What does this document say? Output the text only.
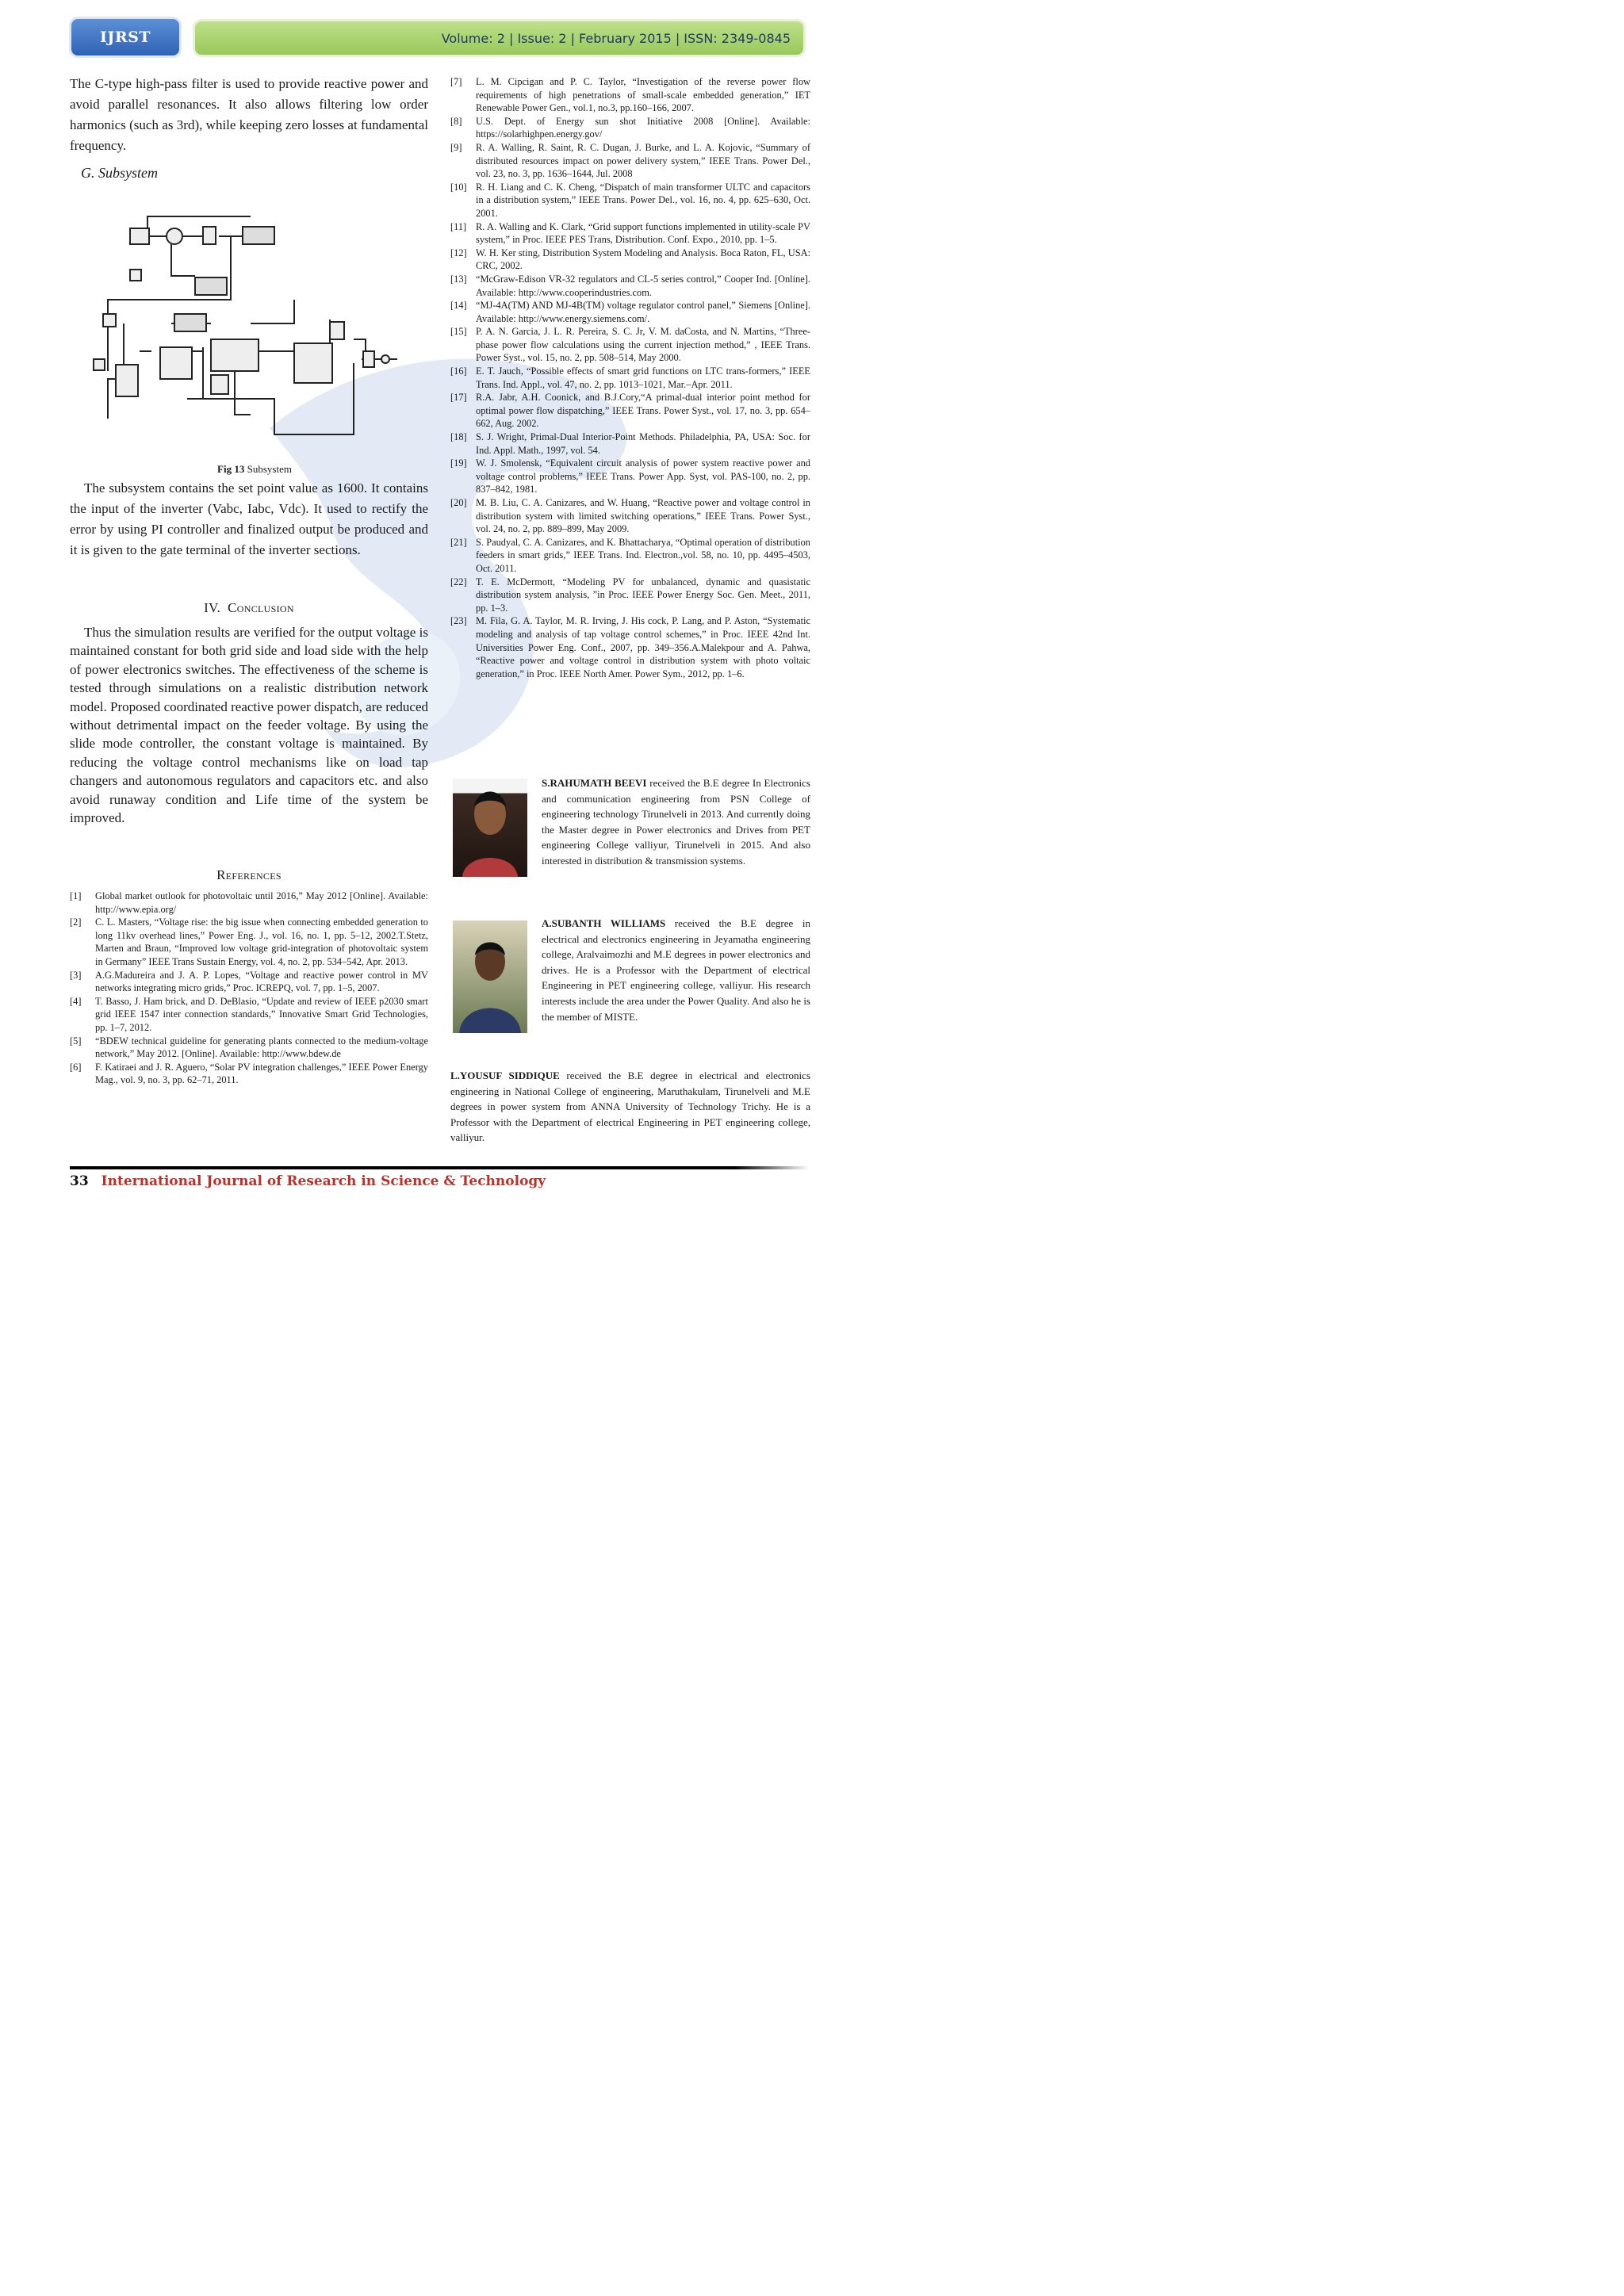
IJRST	Volume: 2 | Issue: 2 | February 2015 | ISSN: 2349-0845

The C-type high-pass filter is used to provide reactive power and avoid parallel resonances. It also allows filtering low order harmonics (such as 3rd), while keeping zero losses at fundamental frequency.

G. Subsystem
Fig 13 Subsystem

The subsystem contains the set point value as 1600. It contains the input of the inverter (Vabc, Iabc, Vdc). It used to rectify the error by using PI controller and finalized output be produced and it is given to the gate terminal of the inverter sections.

IV. Conclusion

Thus the simulation results are verified for the output voltage is maintained constant for both grid side and load side with the help of power electronics switches. The effectiveness of the scheme is tested through simulations on a realistic distribution network model. Proposed coordinated reactive power dispatch, are reduced without detrimental impact on the feeder voltage. By using the slide mode controller, the constant voltage is maintained. By reducing the voltage control mechanisms like on load tap changers and autonomous regulators and capacitors etc. and also avoid runaway condition and Life time of the system be improved.

References
[1]	Global market outlook for photovoltaic until 2016,” May 2012 [Online]. Available: http://www.epia.org/
[2]	C. L. Masters, “Voltage rise: the big issue when connecting embedded generation to long 11kv overhead lines,” Power Eng. J., vol. 16, no. 1, pp. 5–12, 2002.T.Stetz, Marten and Braun, “Improved low voltage grid-integration of photovoltaic system in Germany” IEEE Trans Sustain Energy, vol. 4, no. 2, pp. 534–542, Apr. 2013.
[3]	A.G.Madureira and J. A. P. Lopes, “Voltage and reactive power control in MV networks integrating micro grids,” Proc. ICREPQ, vol. 7, pp. 1–5, 2007.
[4]	T. Basso, J. Ham brick, and D. DeBlasio, “Update and review of IEEE p2030 smart grid IEEE 1547 inter connection standards,” Innovative Smart Grid Technologies, pp. 1–7, 2012.
[5]	“BDEW technical guideline for generating plants connected to the medium-voltage network,” May 2012. [Online]. Available: http://www.bdew.de
[6]	F. Katiraei and J. R. Aguero, “Solar PV integration challenges,” IEEE Power Energy Mag., vol. 9, no. 3, pp. 62–71, 2011.
[7]	L. M. Cipcigan and P. C. Taylor, “Investigation of the reverse power flow requirements of high penetrations of small-scale embedded generation,” IET Renewable Power Gen., vol.1, no.3, pp.160–166, 2007.
[8]	U.S. Dept. of Energy sun shot Initiative 2008 [Online]. Available: https://solarhighpen.energy.gov/
[9]	R. A. Walling, R. Saint, R. C. Dugan, J. Burke, and L. A. Kojovic, “Summary of distributed resources impact on power delivery system,” IEEE Trans. Power Del., vol. 23, no. 3, pp. 1636–1644, Jul. 2008
[10] R. H. Liang and C. K. Cheng, “Dispatch of main transformer ULTC and capacitors in a distribution system,” IEEE Trans. Power Del., vol. 16, no. 4, pp. 625–630, Oct. 2001.
[11] R. A. Walling and K. Clark, “Grid support functions implemented in utility-scale PV system,” in Proc. IEEE PES Trans, Distribution. Conf. Expo., 2010, pp. 1–5.
[12] W. H. Ker sting, Distribution System Modeling and Analysis. Boca Raton, FL, USA: CRC, 2002.
[13] “McGraw-Edison VR-32 regulators and CL-5 series control,” Cooper Ind. [Online]. Available: http://www.cooperindustries.com.
[14] “MJ-4A(TM) AND MJ-4B(TM) voltage regulator control panel,” Siemens [Online]. Available: http://www.energy.siemens.com/.
[15] P. A. N. Garcia, J. L. R. Pereira, S. C. Jr, V. M. daCosta, and N. Martins, “Three-phase power flow calculations using the current injection method,” , IEEE Trans. Power Syst., vol. 15, no. 2, pp. 508–514, May 2000.
[16] E. T. Jauch, “Possible effects of smart grid functions on LTC trans-formers,” IEEE Trans. Ind. Appl., vol. 47, no. 2, pp. 1013–1021, Mar.–Apr. 2011.
[17] R.A. Jabr, A.H. Coonick, and B.J.Cory,“A primal-dual interior point method for optimal power flow dispatching,” IEEE Trans. Power Syst., vol. 17, no. 3, pp. 654–662, Aug. 2002.
[18] S. J. Wright, Primal-Dual Interior-Point Methods. Philadelphia, PA, USA: Soc. for Ind. Appl. Math., 1997, vol. 54.
[19] W. J. Smolensk, “Equivalent circuit analysis of power system reactive power and voltage control problems,” IEEE Trans. Power App. Syst, vol. PAS-100, no. 2, pp. 837–842, 1981.
[20] M. B. Liu, C. A. Canizares, and W. Huang, “Reactive power and voltage control in distribution system with limited switching operations,” IEEE Trans. Power Syst., vol. 24, no. 2, pp. 889–899, May 2009.
[21] S. Paudyal, C. A. Canizares, and K. Bhattacharya, “Optimal operation of distribution feeders in smart grids,” IEEE Trans. Ind. Electron.,vol. 58, no. 10, pp. 4495–4503, Oct. 2011.
[22] T. E. McDermott, “Modeling PV for unbalanced, dynamic and quasistatic distribution system analysis, ”in Proc. IEEE Power Energy Soc. Gen. Meet., 2011, pp. 1–3.
[23] M. Fila, G. A. Taylor, M. R. Irving, J. His cock, P. Lang, and P. Aston, “Systematic modeling and analysis of tap voltage control schemes,” in Proc. IEEE 42nd Int. Universities Power Eng. Conf., 2007, pp. 349–356.A.Malekpour and A. Pahwa, “Reactive power and voltage control in distribution system with photo voltaic generation,” in Proc. IEEE North Amer. Power Sym., 2012, pp. 1–6.

S.RAHUMATH BEEVI received the B.E degree In Electronics and communication engineering from PSN College of engineering technology Tirunelveli in 2013. And currently doing the Master degree in Power electronics and Drives from PET engineering College valliyur, Tirunelveli in 2015. And also interested in distribution & transmission systems.

A.SUBANTH WILLIAMS received the B.E degree in electrical and electronics engineering in Jeyamatha engineering college, Aralvaimozhi and M.E degrees in power electronics and drives. He is a Professor with the Department of electrical Engineering in PET engineering college, valliyur. His research interests include the area under the Power Quality. And also he is the member of MISTE.

L.YOUSUF SIDDIQUE received the B.E degree in electrical and electronics engineering in National College of engineering, Maruthakulam, Tirunelveli and M.E degrees in power system from ANNA University of Technology Trichy. He is a Professor with the Department of electrical Engineering in PET engineering college, valliyur.

33 International Journal of Research in Science & Technology
